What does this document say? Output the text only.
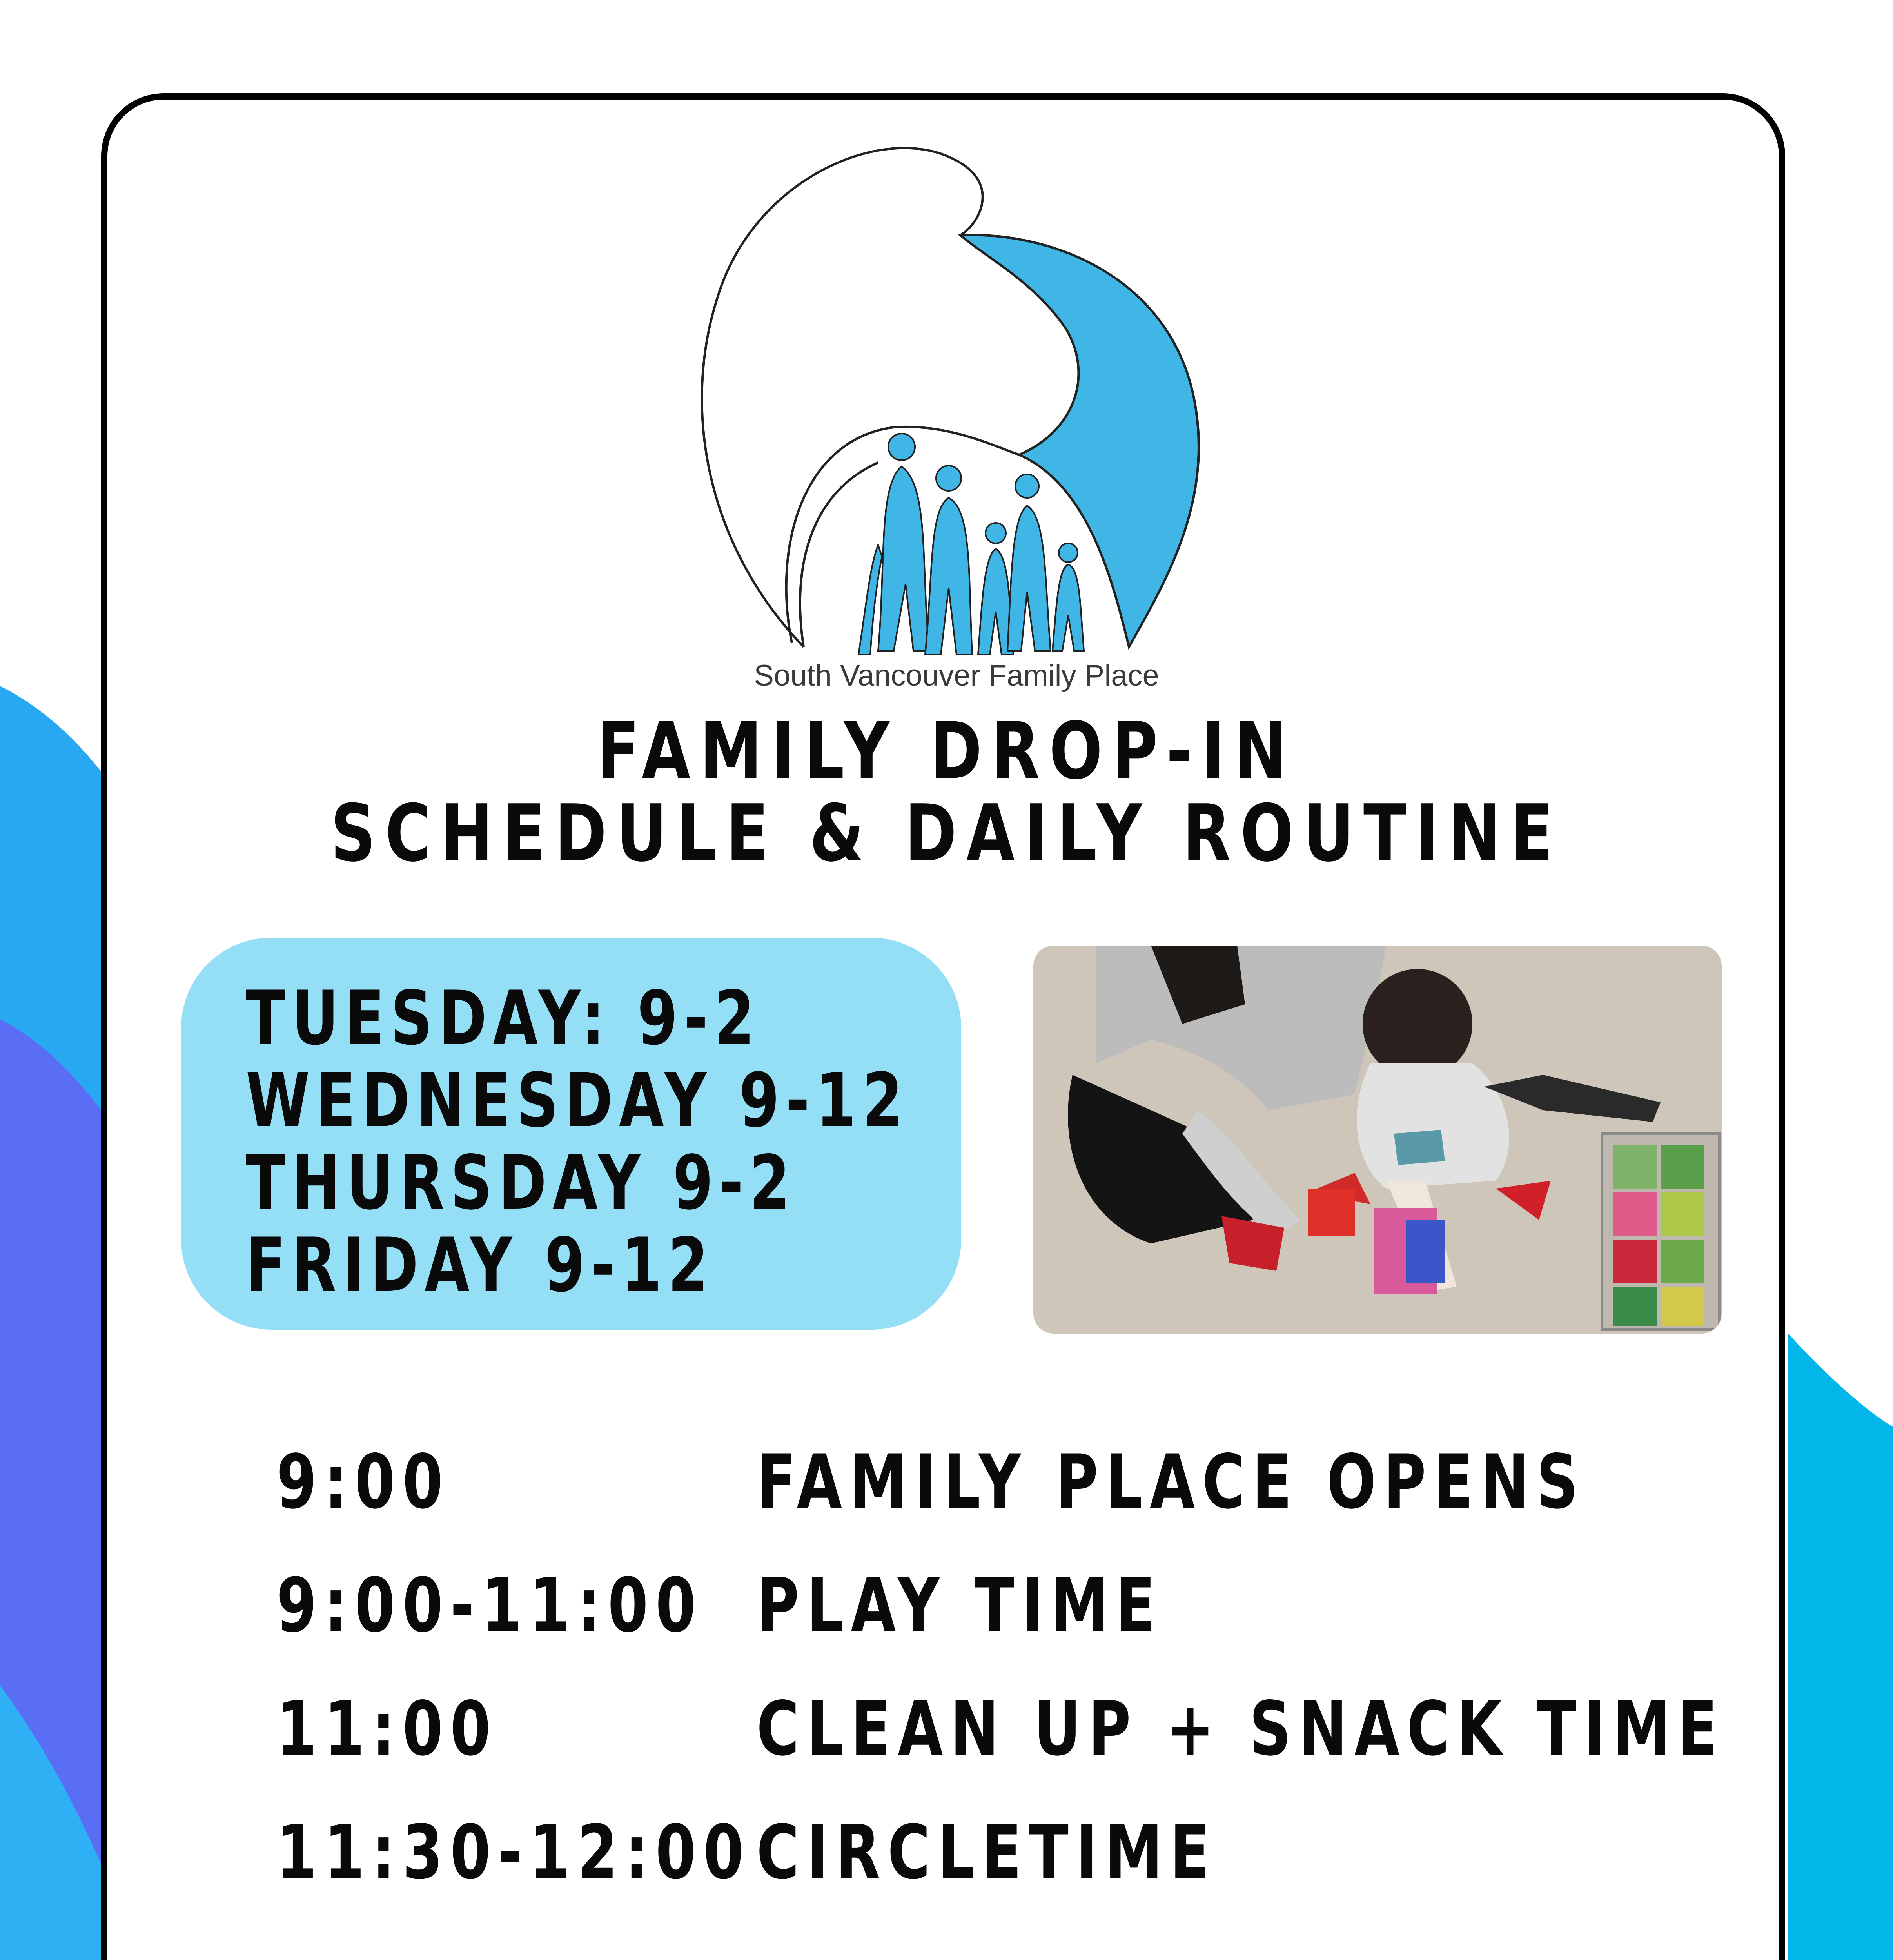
South Vancouver Family Place
FAMILY DROP-IN
SCHEDULE & DAILY ROUTINE
TUESDAY: 9-2
WEDNESDAY 9-12
THURSDAY 9-2
FRIDAY 9-12
9:00	FAMILY PLACE OPENS
9:00-11:00 PLAY TIME
11:00	CLEAN UP + SNACK TIME
11:30-12:00 CIRCLETIME
